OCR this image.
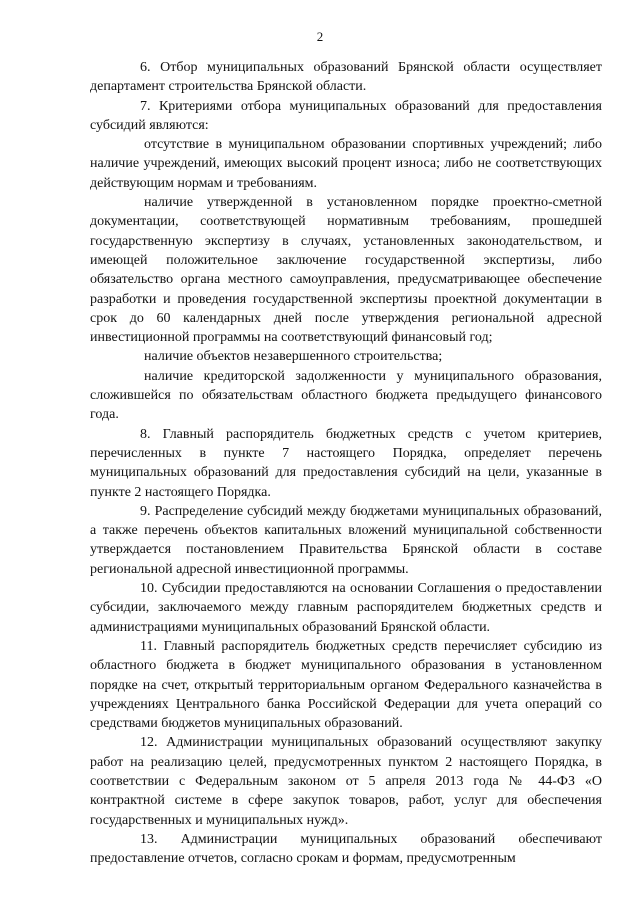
2

6. Отбор муниципальных образований Брянской области осуществляет департамент строительства Брянской области.

7. Критериями отбора муниципальных образований для предоставления субсидий являются:

отсутствие в муниципальном образовании спортивных учреждений; либо наличие учреждений, имеющих высокий процент износа; либо не соответствующих действующим нормам и требованиям.

наличие утвержденной в установленном порядке проектно-сметной документации, соответствующей нормативным требованиям, прошедшей государственную экспертизу в случаях, установленных законодательством, и имеющей положительное заключение государственной экспертизы, либо обязательство органа местного самоуправления, предусматривающее обеспечение разработки и проведения государственной экспертизы проектной документации в срок до 60 календарных дней после утверждения региональной адресной инвестиционной программы на соответствующий финансовый год;

наличие объектов незавершенного строительства;

наличие кредиторской задолженности у муниципального образования, сложившейся по обязательствам областного бюджета предыдущего финансового года.

8. Главный распорядитель бюджетных средств с учетом критериев, перечисленных в пункте 7 настоящего Порядка, определяет перечень муниципальных образований для предоставления субсидий на цели, указанные в пункте 2 настоящего Порядка.

9. Распределение субсидий между бюджетами муниципальных образований, а также перечень объектов капитальных вложений муниципальной собственности утверждается постановлением Правительства Брянской области в составе региональной адресной инвестиционной программы.

10. Субсидии предоставляются на основании Соглашения о предоставлении субсидии, заключаемого между главным распорядителем бюджетных средств и администрациями муниципальных образований Брянской области.

11. Главный распорядитель бюджетных средств перечисляет субсидию из областного бюджета в бюджет муниципального образования в установленном порядке на счет, открытый территориальным органом Федерального казначейства в учреждениях Центрального банка Российской Федерации для учета операций со средствами бюджетов муниципальных образований.

12. Администрации муниципальных образований осуществляют закупку работ на реализацию целей, предусмотренных пунктом 2 настоящего Порядка, в соответствии с Федеральным законом от 5 апреля 2013 года № 44-ФЗ «О контрактной системе в сфере закупок товаров, работ, услуг для обеспечения государственных и муниципальных нужд».

13. Администрации муниципальных образований обеспечивают предоставление отчетов, согласно срокам и формам, предусмотренным
